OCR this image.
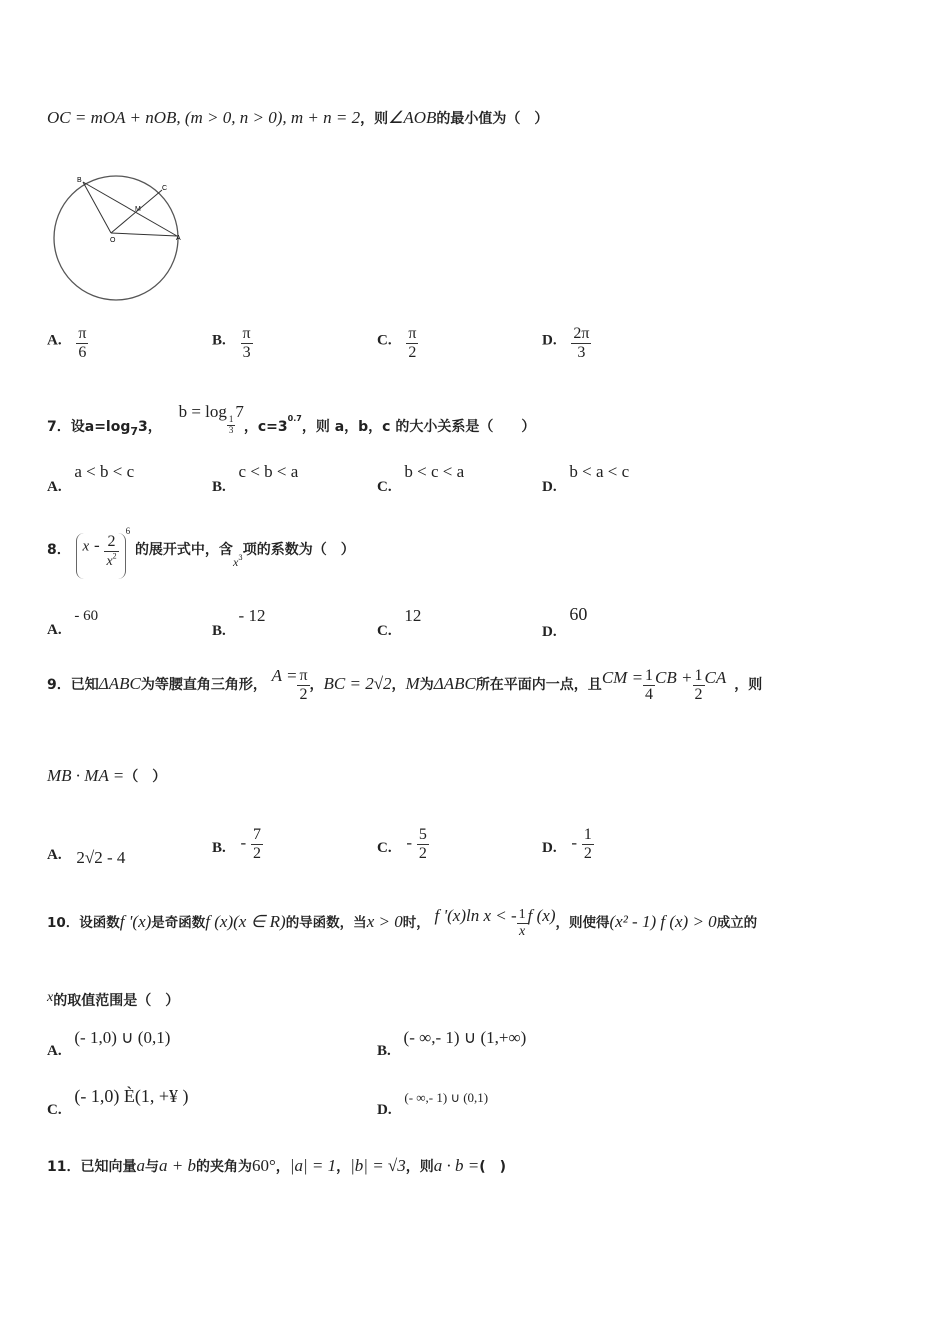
OC = mOA + nOB, (m > 0, n > 0), m + n = 2，则∠AOB的最小值为（　）
B
C
M
O	A
A. $\frac{\pi}{6}$	B. $\frac{\pi}{3}$	C. $\frac{\pi}{2}$	D. $\frac{2\pi}{3}$
7．设$a=\log_73$， b = log
$\frac{1}{3}$
7，$c=3^{0.7}$，则 a，b，c 的大小关系是（　　）
A. a < b < c
B. c < b < a
C. b < c < a
D. b < a < c
8． x - $\frac{2}{x^2}$
$^6$ 的展开式中，含$_x$3项的系数为（　）
A. - 60
B. - 12
C. 12
D. 60
9．已知ΔABC为等腰直角三角形， $A = \frac{\pi}{2}$ ，BC = 2√2，M为ΔABC所在平面内一点，且CM = $\frac{1}{4}$ CB + $\frac{1}{2}$ CA ，则
MB · MA =（　）
A. 2√2 - 4	B. - $\frac{7}{2}$	C. - $\frac{5}{2}$	D. - $\frac{1}{2}$
10．设函数f '(x)是奇函数f (x)(x ∈ R)的导函数，当x > 0时， f '(x)ln x < - $\frac{1}{x}$ f (x)，则使得(x² - 1) f (x) > 0成立的
x的取值范围是（　）
A. (- 1,0) ∪ (0,1)
B. (- ∞,- 1) ∪ (1,+∞)
C. (- 1,0) È(1, +¥ )
D. (- ∞,- 1) ∪ (0,1)
11．已知向量a与a + b的夹角为60°，|a| = 1，|b| = √3，则a · b =(　)
